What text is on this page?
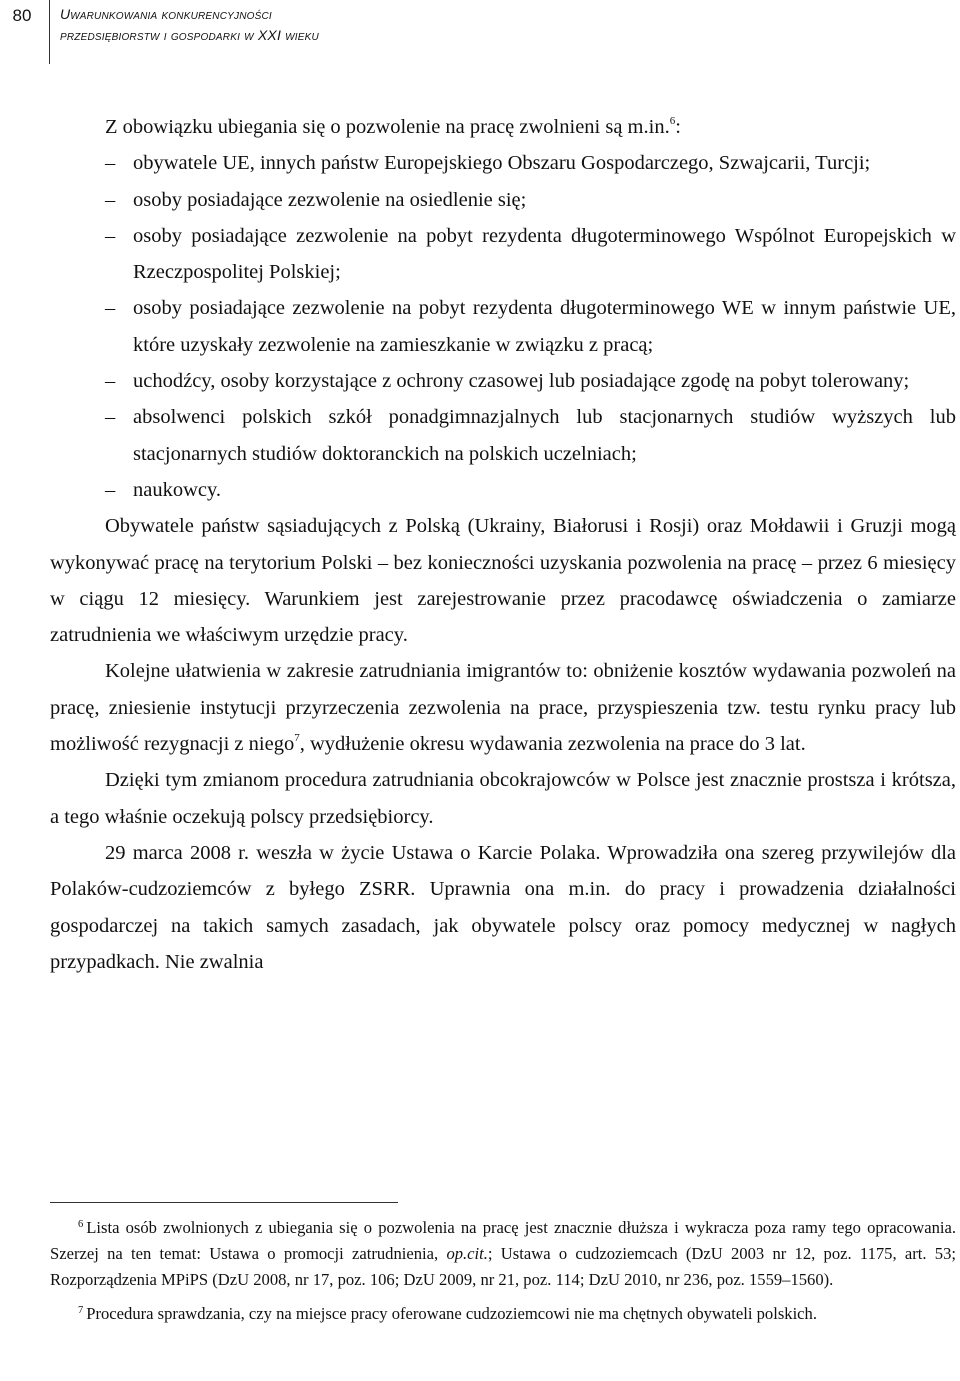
80	Uwarunkowania konkurencyjności
przedsiębiorstw i gospodarki w XXI wieku

Z obowiązku ubiegania się o pozwolenie na pracę zwolnieni są m.in.$^6$:

– obywatele UE, innych państw Europejskiego Obszaru Gospodarczego, Szwajcarii, Turcji;
– osoby posiadające zezwolenie na osiedlenie się;
– osoby posiadające zezwolenie na pobyt rezydenta długoterminowego Wspólnot Europejskich w Rzeczpospolitej Polskiej;
– osoby posiadające zezwolenie na pobyt rezydenta długoterminowego WE w innym państwie UE, które uzyskały zezwolenie na zamieszkanie w związku z pracą;
– uchodźcy, osoby korzystające z ochrony czasowej lub posiadające zgodę na pobyt tolerowany;
– absolwenci polskich szkół ponadgimnazjalnych lub stacjonarnych studiów wyższych lub stacjonarnych studiów doktoranckich na polskich uczelniach;
– naukowcy.

Obywatele państw sąsiadujących z Polską (Ukrainy, Białorusi i Rosji) oraz Mołdawii i Gruzji mogą wykonywać pracę na terytorium Polski – bez konieczności uzyskania pozwolenia na pracę – przez 6 miesięcy w ciągu 12 miesięcy. Warunkiem jest zarejestrowanie przez pracodawcę oświadczenia o zamiarze zatrudnienia we właściwym urzędzie pracy.

Kolejne ułatwienia w zakresie zatrudniania imigrantów to: obniżenie kosztów wydawania pozwoleń na pracę, zniesienie instytucji przyrzeczenia zezwolenia na prace, przyspieszenia tzw. testu rynku pracy lub możliwość rezygnacji z niego$^7$, wydłużenie okresu wydawania zezwolenia na prace do 3 lat.

Dzięki tym zmianom procedura zatrudniania obcokrajowców w Polsce jest znacznie prostsza i krótsza, a tego właśnie oczekują polscy przedsiębiorcy.

29 marca 2008 r. weszła w życie Ustawa o Karcie Polaka. Wprowadziła ona szereg przywilejów dla Polaków-cudzoziemców z byłego ZSRR. Uprawnia ona m.in. do pracy i prowadzenia działalności gospodarczej na takich samych zasadach, jak obywatele polscy oraz pomocy medycznej w nagłych przypadkach. Nie zwalnia

$^6$ Lista osób zwolnionych z ubiegania się o pozwolenia na pracę jest znacznie dłuższa i wykracza poza ramy tego opracowania. Szerzej na ten temat: Ustawa o promocji zatrudnienia, op.cit.; Ustawa o cudzoziemcach (DzU 2003 nr 12, poz. 1175, art. 53; Rozporządzenia MPiPS (DzU 2008, nr 17, poz. 106; DzU 2009, nr 21, poz. 114; DzU 2010, nr 236, poz. 1559–1560).

$^7$ Procedura sprawdzania, czy na miejsce pracy oferowane cudzoziemcowi nie ma chętnych obywateli polskich.
